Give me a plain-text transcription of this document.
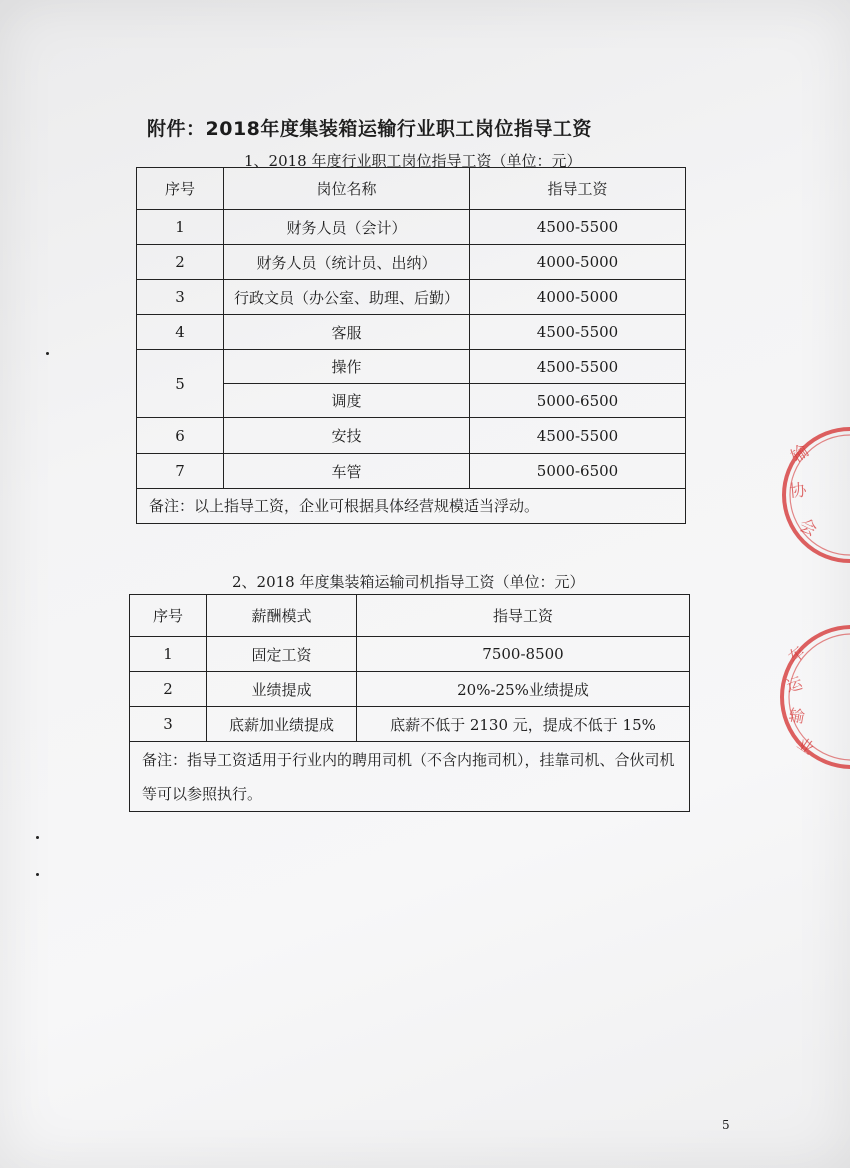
附件：2018年度集装箱运输行业职工岗位指导工资
1、2018 年度行业职工岗位指导工资（单位：元）
序号	岗位名称	指导工资
1	财务人员（会计）	4500-5500
2	财务人员（统计员、出纳）	4000-5000
3	行政文员（办公室、助理、后勤）	4000-5000
4	客服	4500-5500
5	操作	4500-5500
	调度	5000-6500
6	安技	4500-5500
7	车管	5000-6500
备注：以上指导工资，企业可根据具体经营规模适当浮动。		
2、2018 年度集装箱运输司机指导工资（单位：元）
序号	薪酬模式	指导工资
1	固定工资	7500-8500
2	业绩提成	20%-25%业绩提成
3	底薪加业绩提成	底薪不低于 2130 元，提成不低于 15%
备注：指导工资适用于行业内的聘用司机（不含内拖司机），挂靠司机、合伙司机等可以参照执行。		
输
协
会
车
运
输
业
5
